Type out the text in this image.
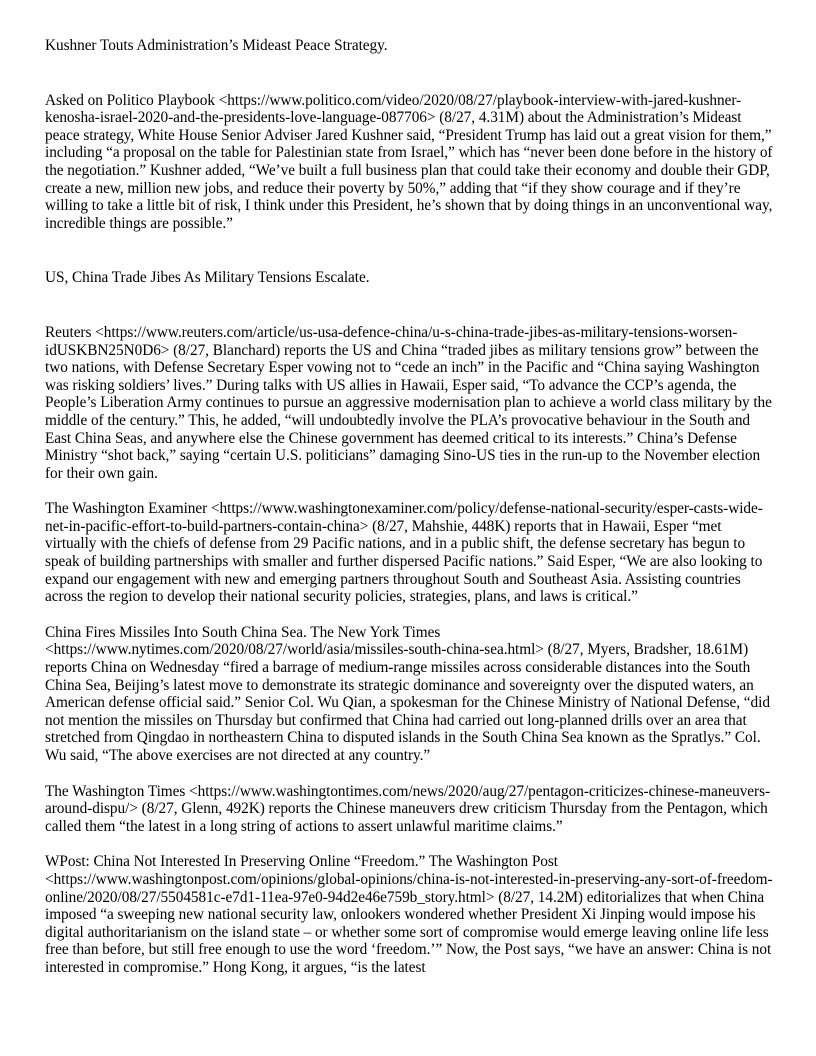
Kushner Touts Administration’s Mideast Peace Strategy.

Asked on Politico Playbook <https://www.politico.com/video/2020/08/27/playbook-interview-with-jared-kushner-kenosha-israel-2020-and-the-presidents-love-language-087706> (8/27, 4.31M) about the Administration’s Mideast peace strategy, White House Senior Adviser Jared Kushner said, “President Trump has laid out a great vision for them,” including “a proposal on the table for Palestinian state from Israel,” which has “never been done before in the history of the negotiation.” Kushner added, “We’ve built a full business plan that could take their economy and double their GDP, create a new, million new jobs, and reduce their poverty by 50%,” adding that “if they show courage and if they’re willing to take a little bit of risk, I think under this President, he’s shown that by doing things in an unconventional way, incredible things are possible.”

US, China Trade Jibes As Military Tensions Escalate.

Reuters <https://www.reuters.com/article/us-usa-defence-china/u-s-china-trade-jibes-as-military-tensions-worsen-idUSKBN25N0D6> (8/27, Blanchard) reports the US and China “traded jibes as military tensions grow” between the two nations, with Defense Secretary Esper vowing not to “cede an inch” in the Pacific and “China saying Washington was risking soldiers’ lives.” During talks with US allies in Hawaii, Esper said, “To advance the CCP’s agenda, the People’s Liberation Army continues to pursue an aggressive modernisation plan to achieve a world class military by the middle of the century.” This, he added, “will undoubtedly involve the PLA’s provocative behaviour in the South and East China Seas, and anywhere else the Chinese government has deemed critical to its interests.” China’s Defense Ministry “shot back,” saying “certain U.S. politicians” damaging Sino-US ties in the run-up to the November election for their own gain.

The Washington Examiner <https://www.washingtonexaminer.com/policy/defense-national-security/esper-casts-wide-net-in-pacific-effort-to-build-partners-contain-china> (8/27, Mahshie, 448K) reports that in Hawaii, Esper “met virtually with the chiefs of defense from 29 Pacific nations, and in a public shift, the defense secretary has begun to speak of building partnerships with smaller and further dispersed Pacific nations.” Said Esper, “We are also looking to expand our engagement with new and emerging partners throughout South and Southeast Asia. Assisting countries across the region to develop their national security policies, strategies, plans, and laws is critical.”

China Fires Missiles Into South China Sea. The New York Times <https://www.nytimes.com/2020/08/27/world/asia/missiles-south-china-sea.html> (8/27, Myers, Bradsher, 18.61M) reports China on Wednesday “fired a barrage of medium-range missiles across considerable distances into the South China Sea, Beijing’s latest move to demonstrate its strategic dominance and sovereignty over the disputed waters, an American defense official said.” Senior Col. Wu Qian, a spokesman for the Chinese Ministry of National Defense, “did not mention the missiles on Thursday but confirmed that China had carried out long-planned drills over an area that stretched from Qingdao in northeastern China to disputed islands in the South China Sea known as the Spratlys.” Col. Wu said, “The above exercises are not directed at any country.”

The Washington Times <https://www.washingtontimes.com/news/2020/aug/27/pentagon-criticizes-chinese-maneuvers-around-dispu/> (8/27, Glenn, 492K) reports the Chinese maneuvers drew criticism Thursday from the Pentagon, which called them “the latest in a long string of actions to assert unlawful maritime claims.”

WPost: China Not Interested In Preserving Online “Freedom.” The Washington Post <https://www.washingtonpost.com/opinions/global-opinions/china-is-not-interested-in-preserving-any-sort-of-freedom-online/2020/08/27/5504581c-e7d1-11ea-97e0-94d2e46e759b_story.html> (8/27, 14.2M) editorializes that when China imposed “a sweeping new national security law, onlookers wondered whether President Xi Jinping would impose his digital authoritarianism on the island state – or whether some sort of compromise would emerge leaving online life less free than before, but still free enough to use the word ‘freedom.’” Now, the Post says, “we have an answer: China is not interested in compromise.” Hong Kong, it argues, “is the latest
